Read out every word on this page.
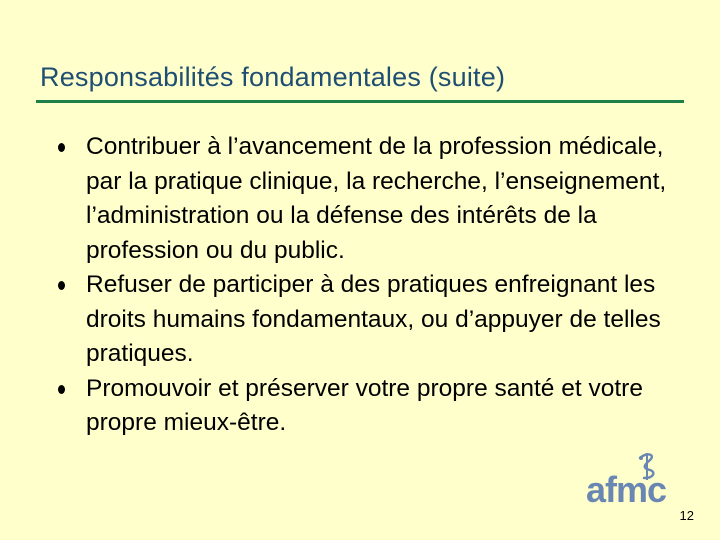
Responsabilités fondamentales (suite)
Contribuer à l’avancement de la profession médicale, par la pratique clinique, la recherche, l’enseignement, l’administration ou la défense des intérêts de la profession ou du public.
Refuser de participer à des pratiques enfreignant les droits humains fondamentaux, ou d’appuyer de telles pratiques.
Promouvoir et préserver votre propre santé et votre propre mieux-être.
afmc
12
